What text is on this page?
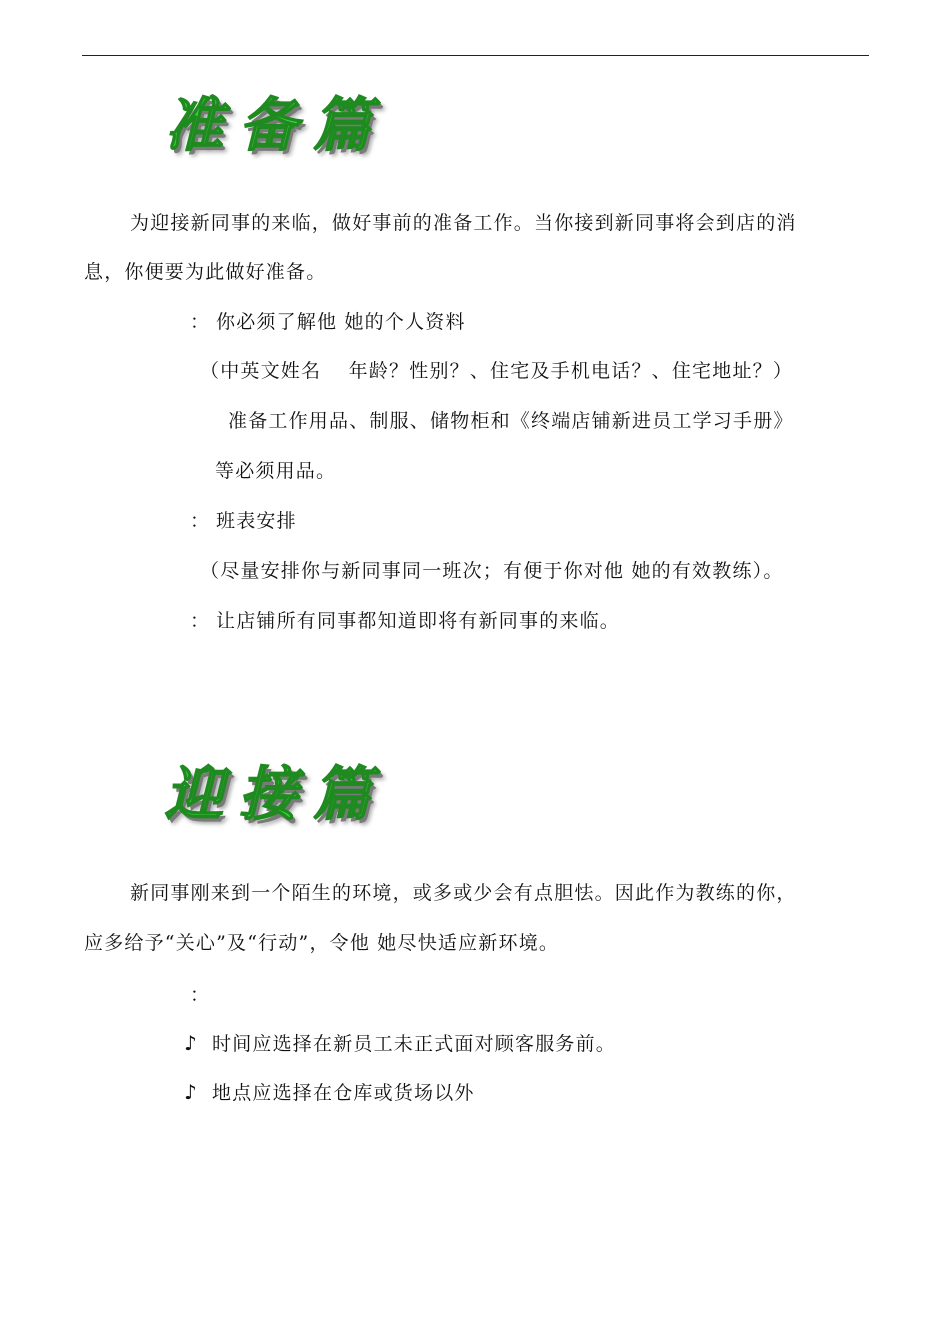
准备篇
为迎接新同事的来临，做好事前的准备工作。当你接到新同事将会到店的消
息，你便要为此做好准备。
： 你必须了解他 她的个人资料
（中英文姓名　 年龄？性别？、住宅及手机电话？、住宅地址？）
准备工作用品、制服、储物柜和《终端店铺新进员工学习手册》
等必须用品。
： 班表安排
（尽量安排你与新同事同一班次；有便于你对他 她的有效教练）。
： 让店铺所有同事都知道即将有新同事的来临。
迎接篇
新同事刚来到一个陌生的环境，或多或少会有点胆怯。因此作为教练的你，
应多给予“关心”及“行动”，令他 她尽快适应新环境。
：
♪ 时间应选择在新员工未正式面对顾客服务前。
♪ 地点应选择在仓库或货场以外
